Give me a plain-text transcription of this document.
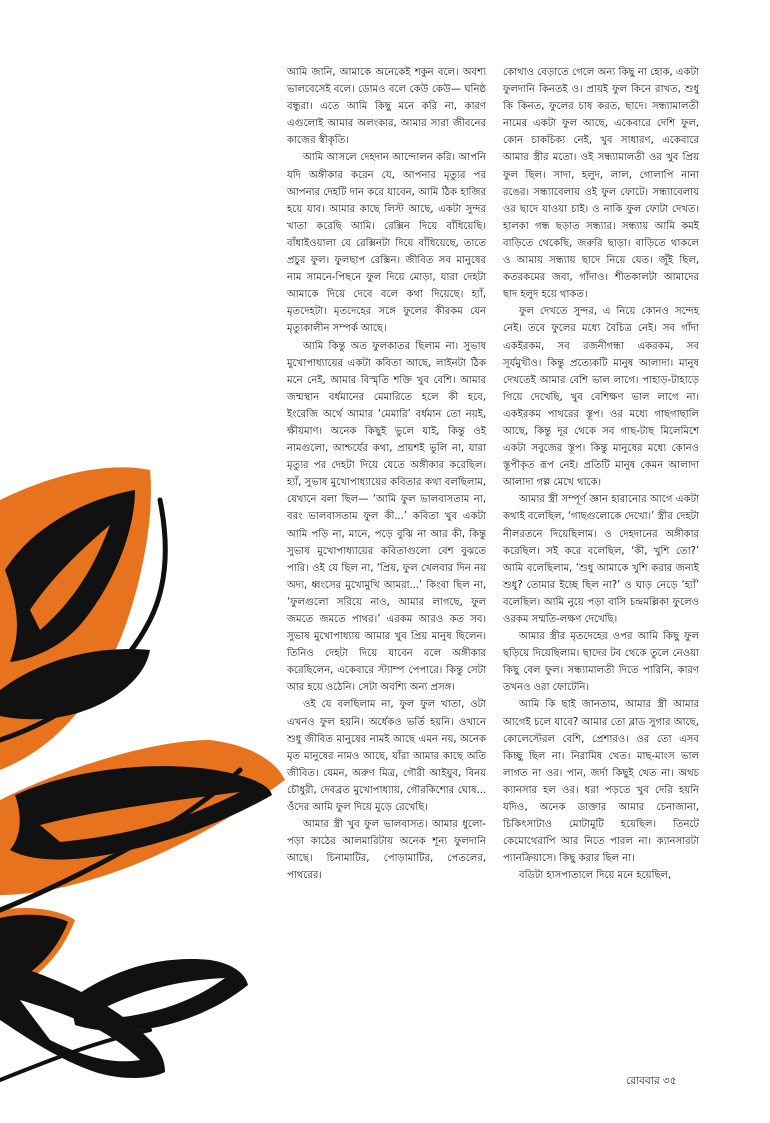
আমি জানি, আমাকে অনেকেই শকুন বলে। অবশ্য ভালবেসেই বলে। ডোমও বলে কেউ কেউ— ঘনিষ্ঠ বন্ধুরা। এতে আমি কিছু মনে করি না, কারণ এগুলোই আমার অলংকার, আমার সারা জীবনের কাজের স্বীকৃতি।

আমি আসলে দেহদান আন্দোলন করি। আপনি যদি অঙ্গীকার করেন যে, আপনার মৃত্যুর পর আপনার দেহটি দান করে যাবেন, আমি ঠিক হাজির হয়ে যাব। আমার কাছে লিস্ট আছে, একটা সুন্দর খাতা করেছি আমি। রেক্সিন দিয়ে বাঁধিয়েছি। বাঁধাইওয়ালা যে রেক্সিনটা দিয়ে বাঁধিয়েছে, তাতে প্রচুর ফুল। ফুলছাপ রেক্সিন। জীবিত সব মানুষের নাম সামনে-পিছনে ফুল দিয়ে মোড়া, যারা দেহটা আমাকে দিয়ে দেবে বলে কথা দিয়েছে। হ্যাঁ, মৃতদেহটা। মৃতদেহের সঙ্গে ফুলের কীরকম যেন মৃত্যুকালীন সম্পর্ক আছে।

আমি কিন্তু অত ফুলকাতর ছিলাম না। সুভাষ মুখোপাধ্যায়ের একটা কবিতা আছে, লাইনটা ঠিক মনে নেই, আমার বিস্মৃতি শক্তি খুব বেশি। আমার জন্মস্থান বর্ধমানের মেমারিতে হলে কী হবে, ইংরেজি অর্থে আমার ‘মেমারি’ বর্ধমান তো নয়ই, ক্ষীয়মাণ। অনেক কিছুই ভুলে যাই, কিন্তু ওই নামগুলো, আশ্চর্যের কথা, প্রায়শই ভুলি না, যারা মৃত্যুর পর দেহটা দিয়ে যেতে অঙ্গীকার করেছিল। হ্যাঁ, সুভাষ মুখোপাধ্যায়ের কবিতার কথা বলছিলাম, যেখানে বলা ছিল— ‘আমি ফুল ভালবাসতাম না, বরং ভালবাসতাম ফুল কী...’ কবিতা খুব একটা আমি পড়ি না, মানে, পড়ে বুঝি না আর কী, কিন্তু সুভাষ মুখোপাধ্যায়ের কবিতাগুলো বেশ বুঝতে পারি। ওই যে ছিল না, ‘প্রিয়, ফুল খেলবার দিন নয় অদ্য, ধ্বংসের মুখোমুখি আমরা...’ কিংবা ছিল না, ‘ফুলগুলো সরিয়ে নাও, আমার লাগছে, ফুল জমতে জমতে পাথর।’ এরকম আরও কত সব। সুভাষ মুখোপাধ্যায় আমার খুব প্রিয় মানুষ ছিলেন। তিনিও দেহটা দিয়ে যাবেন বলে অঙ্গীকার করেছিলেন, একেবারে স্ট্যাম্প পেপারে। কিন্তু সেটা আর হয়ে ওঠেনি। সেটা অবশ্যি অন্য প্রসঙ্গ।

ওই যে বলছিলাম না, ফুল ফুল খাতা, ওটা এখনও ফুল হয়নি। অর্ধেকও ভর্তি হয়নি। ওখানে শুধু জীবিত মানুষের নামই আছে এমন নয়, অনেক মৃত মানুষের নামও আছে, যাঁরা আমার কাছে অতি জীবিত। যেমন, অরুণ মিত্র, গৌরী আইয়ুব, বিনয় চৌধুরী, দেবব্রত মুখোপাধ্যায়, গৌরকিশোর ঘোষ... ওঁদের আমি ফুল দিয়ে মুড়ে রেখেছি।

আমার স্ত্রী খুব ফুল ভালবাসত। আমার ধুলো-পড়া কাঠের আলমারিটায় অনেক শূন্য ফুলদানি আছে। চিনামাটির, পোড়ামাটির, পেতলের, পাথরের।

কোথাও বেড়াতে গেলে অন্য কিছু না হোক, একটা ফুলদানি কিনতই ও। প্রায়ই ফুল কিনে রাখত, শুধু কি কিনত, ফুলের চাষ করত, ছাদে। সন্ধ্যামালতী নামের একটা ফুল আছে, একেবারে দেশি ফুল, কোন চাকচিক্য নেই, খুব সাধারণ, একেবারে আমার স্ত্রীর মতো। ওই সন্ধ্যামালতী ওর খুব প্রিয় ফুল ছিল। সাদা, হলুদ, লাল, গোলাপি নানা রঙের। সন্ধ্যাবেলায় ওই ফুল ফোটে। সন্ধ্যাবেলায় ওর ছাদে যাওয়া চাই। ও নাকি ফুল ফোটা দেখত। হালকা গন্ধ ছড়াত সন্ধ্যার। সন্ধ্যায় আমি কমই বাড়িতে থেকেছি, জরুরি ছাড়া। বাড়িতে থাকলে ও আমায় সন্ধ্যায় ছাদে নিয়ে যেত। জুঁই ছিল, কতরকমের জবা, গাঁদাও। শীতকালটা আমাদের ছাদ হলুদ হয়ে থাকত।

ফুল দেখতে সুন্দর, এ নিয়ে কোনও সন্দেহ নেই। তবে ফুলের মধ্যে বৈচিত্র নেই। সব গাঁদা একইরকম, সব রজনীগন্ধা একরকম, সব সূর্যমুখীও। কিন্তু প্রত্যেকটি মানুষ আলাদা। মানুষ দেখতেই আমার বেশি ভাল লাগে। পাহাড়-টাহাড়ে গিয়ে দেখেছি, খুব বেশিক্ষণ ভাল লাগে না। একইরকম পাথরের স্তূপ। ওর মধ্যে গাছগাছালি আছে, কিন্তু দূর থেকে সব গাছ-টাছ মিলেমিশে একটা সবুজের স্তূপ। কিন্তু মানুষের মধ্যে কোনও স্তূপীকৃত রূপ নেই। প্রতিটি মানুষ কেমন আলাদা আলাদা গল্প মেখে থাকে।

আমার স্ত্রী সম্পূর্ণ জ্ঞান হারানোর আগে একটা কথাই বলেছিল, ‘গাছগুলোকে দেখো।’ স্ত্রীর দেহটা নীলরতনে দিয়েছিলাম। ও দেহদানের অঙ্গীকার করেছিল। সই করে বলেছিল, ‘কী, খুশি তো?’ আমি বলেছিলাম, ‘শুধু আমাকে খুশি করার জন্যই শুধু? তোমার ইচ্ছে ছিল না?’ ও ঘাড় নেড়ে ‘হ্যাঁ’ বলেছিল। আমি নুয়ে পড়া বাসি চন্দ্রমল্লিকা ফুলেও ওরকম সম্মতি-লক্ষণ দেখেছি।

আমার স্ত্রীর মৃতদেহের ওপর আমি কিছু ফুল ছড়িয়ে দিয়েছিলাম। ছাদের টব থেকে তুলে নেওয়া কিছু বেল ফুল। সন্ধ্যামালতী দিতে পারিনি, কারণ তখনও ওরা ফোটেনি।

আমি কি ছাই জানতাম, আমার স্ত্রী আমার আগেই চলে যাবে? আমার তো ব্লাড সুগার আছে, কোলেস্টেরল বেশি, প্রেশারও। ওর তো এসব কিচ্ছু ছিল না। নিরামিষ খেত। মাছ-মাংস ভাল লাগত না ওর। পান, জর্দা কিছুই খেত না। অথচ ক্যানসার হল ওর। ধরা পড়তে খুব দেরি হয়নি যদিও, অনেক ডাক্তার আমার চেনাজানা, চিকিৎসাটাও মোটামুটি হয়েছিল। তিনটে কেমোথেরাপি আর নিতে পারল না। ক্যানসারটা প্যানক্রিয়াসে। কিছু করার ছিল না।

বডিটা হাসপাতালে দিয়ে মনে হয়েছিল,

রোববার ৩৫
